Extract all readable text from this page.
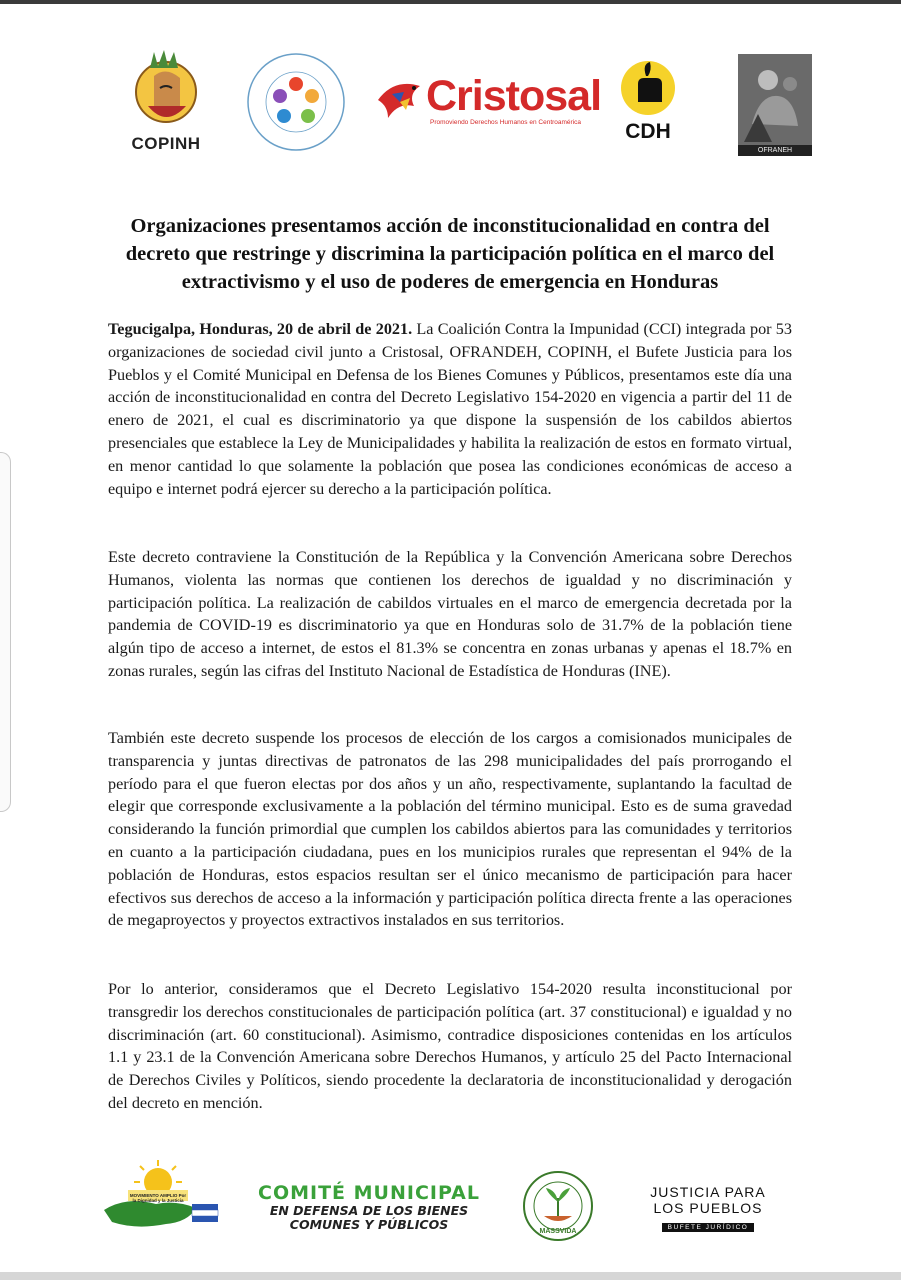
COPINH
Cristosal
Promoviendo Derechos Humanos en Centroamérica	CDH
OFRANEH
Organizaciones presentamos acción de inconstitucionalidad en contra del decreto que restringe y discrimina la participación política en el marco del extractivismo y el uso de poderes de emergencia en Honduras
Tegucigalpa, Honduras, 20 de abril de 2021. La Coalición Contra la Impunidad (CCI) integrada por 53 organizaciones de sociedad civil junto a Cristosal, OFRANDEH, COPINH, el Bufete Justicia para los Pueblos y el Comité Municipal en Defensa de los Bienes Comunes y Públicos, presentamos este día una acción de inconstitucionalidad en contra del Decreto Legislativo 154-2020 en vigencia a partir del 11 de enero de 2021, el cual es discriminatorio ya que dispone la suspensión de los cabildos abiertos presenciales que establece la Ley de Municipalidades y habilita la realización de estos en formato virtual, en menor cantidad lo que solamente la población que posea las condiciones económicas de acceso a equipo e internet podrá ejercer su derecho a la participación política.
Este decreto contraviene la Constitución de la República y la Convención Americana sobre Derechos Humanos, violenta las normas que contienen los derechos de igualdad y no discriminación y participación política. La realización de cabildos virtuales en el marco de emergencia decretada por la pandemia de COVID-19 es discriminatorio ya que en Honduras solo de 31.7% de la población tiene algún tipo de acceso a internet, de estos el 81.3% se concentra en zonas urbanas y apenas el 18.7% en zonas rurales, según las cifras del Instituto Nacional de Estadística de Honduras (INE).
También este decreto suspende los procesos de elección de los cargos a comisionados municipales de transparencia y juntas directivas de patronatos de las 298 municipalidades del país prorrogando el período para el que fueron electas por dos años y un año, respectivamente, suplantando la facultad de elegir que corresponde exclusivamente a la población del término municipal. Esto es de suma gravedad considerando la función primordial que cumplen los cabildos abiertos para las comunidades y territorios en cuanto a la participación ciudadana, pues en los municipios rurales que representan el 94% de la población de Honduras, estos espacios resultan ser el único mecanismo de participación para hacer efectivos sus derechos de acceso a la información y participación política directa frente a las operaciones de megaproyectos y proyectos extractivos instalados en sus territorios.
Por lo anterior, consideramos que el Decreto Legislativo 154-2020 resulta inconstitucional por transgredir los derechos constitucionales de participación política (art. 37 constitucional) e igualdad y no discriminación (art. 60 constitucional). Asimismo, contradice disposiciones contenidas en los artículos 1.1 y 23.1 de la Convención Americana sobre Derechos Humanos, y artículo 25 del Pacto Internacional de Derechos Civiles y Políticos, siendo procedente la declaratoria de inconstitucionalidad y derogación del decreto en mención.
MOVIMIENTO AMPLIO Por la Dignidad y la Justicia	COMITÉ MUNICIPAL
EN DEFENSA DE LOS BIENES
COMUNES Y PÚBLICOS	MASSVIDA
JUSTICIA PARA
LOS PUEBLOS
BUFETE JURÍDICO
